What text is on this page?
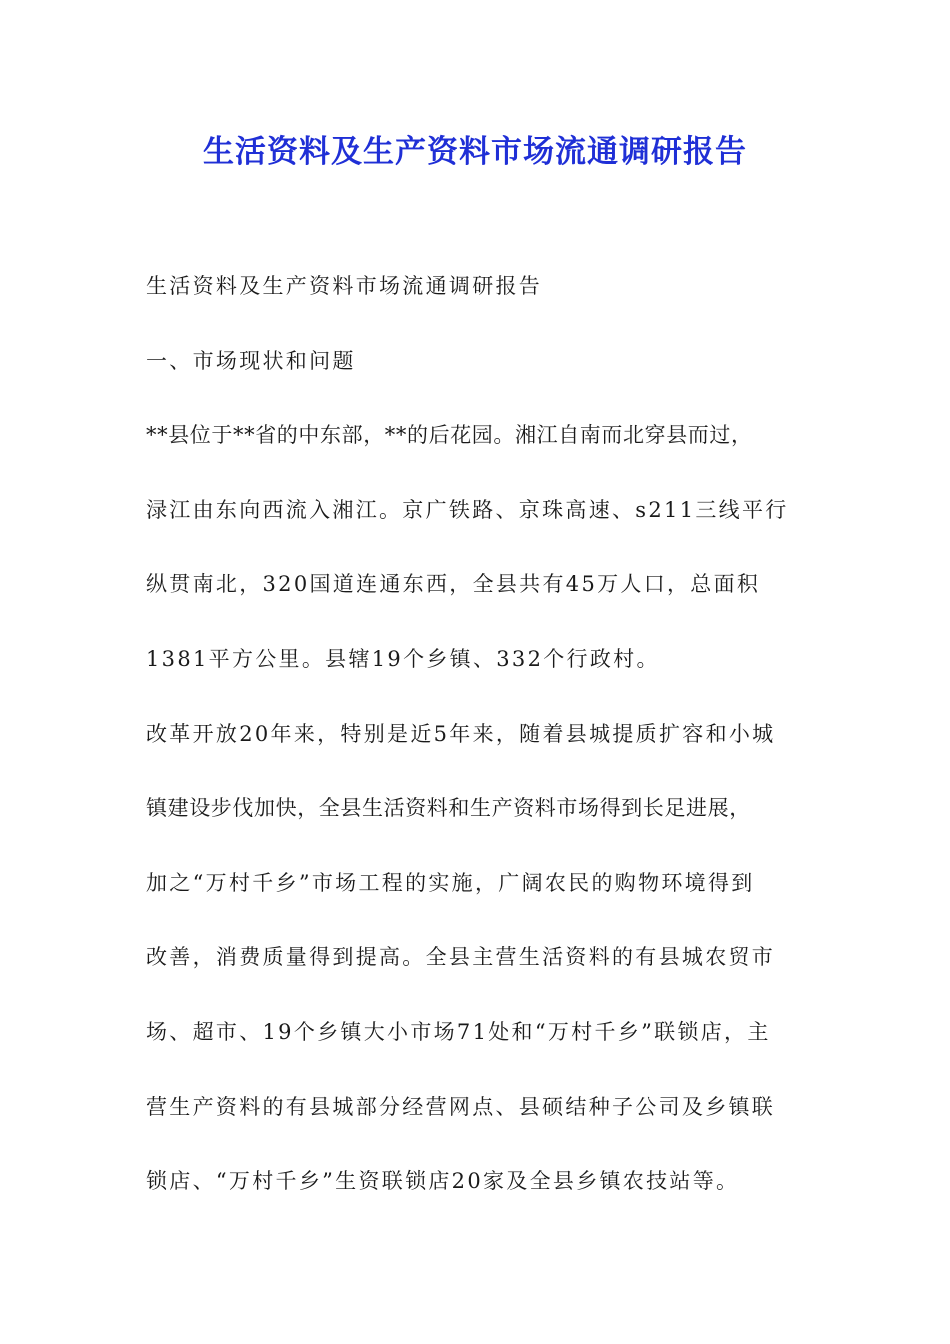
生活资料及生产资料市场流通调研报告
生活资料及生产资料市场流通调研报告
一、市场现状和问题
**县位于**省的中东部，**的后花园。湘江自南而北穿县而过，
渌江由东向西流入湘江。京广铁路、京珠高速、s211三线平行
纵贯南北，320国道连通东西，全县共有45万人口，总面积
1381平方公里。县辖19个乡镇、332个行政村。
改革开放20年来，特别是近5年来，随着县城提质扩容和小城
镇建设步伐加快，全县生活资料和生产资料市场得到长足进展，
加之“万村千乡”市场工程的实施，广阔农民的购物环境得到
改善，消费质量得到提高。全县主营生活资料的有县城农贸市
场、超市、19个乡镇大小市场71处和“万村千乡”联锁店，主
营生产资料的有县城部分经营网点、县硕结种子公司及乡镇联
锁店、“万村千乡”生资联锁店20家及全县乡镇农技站等。
